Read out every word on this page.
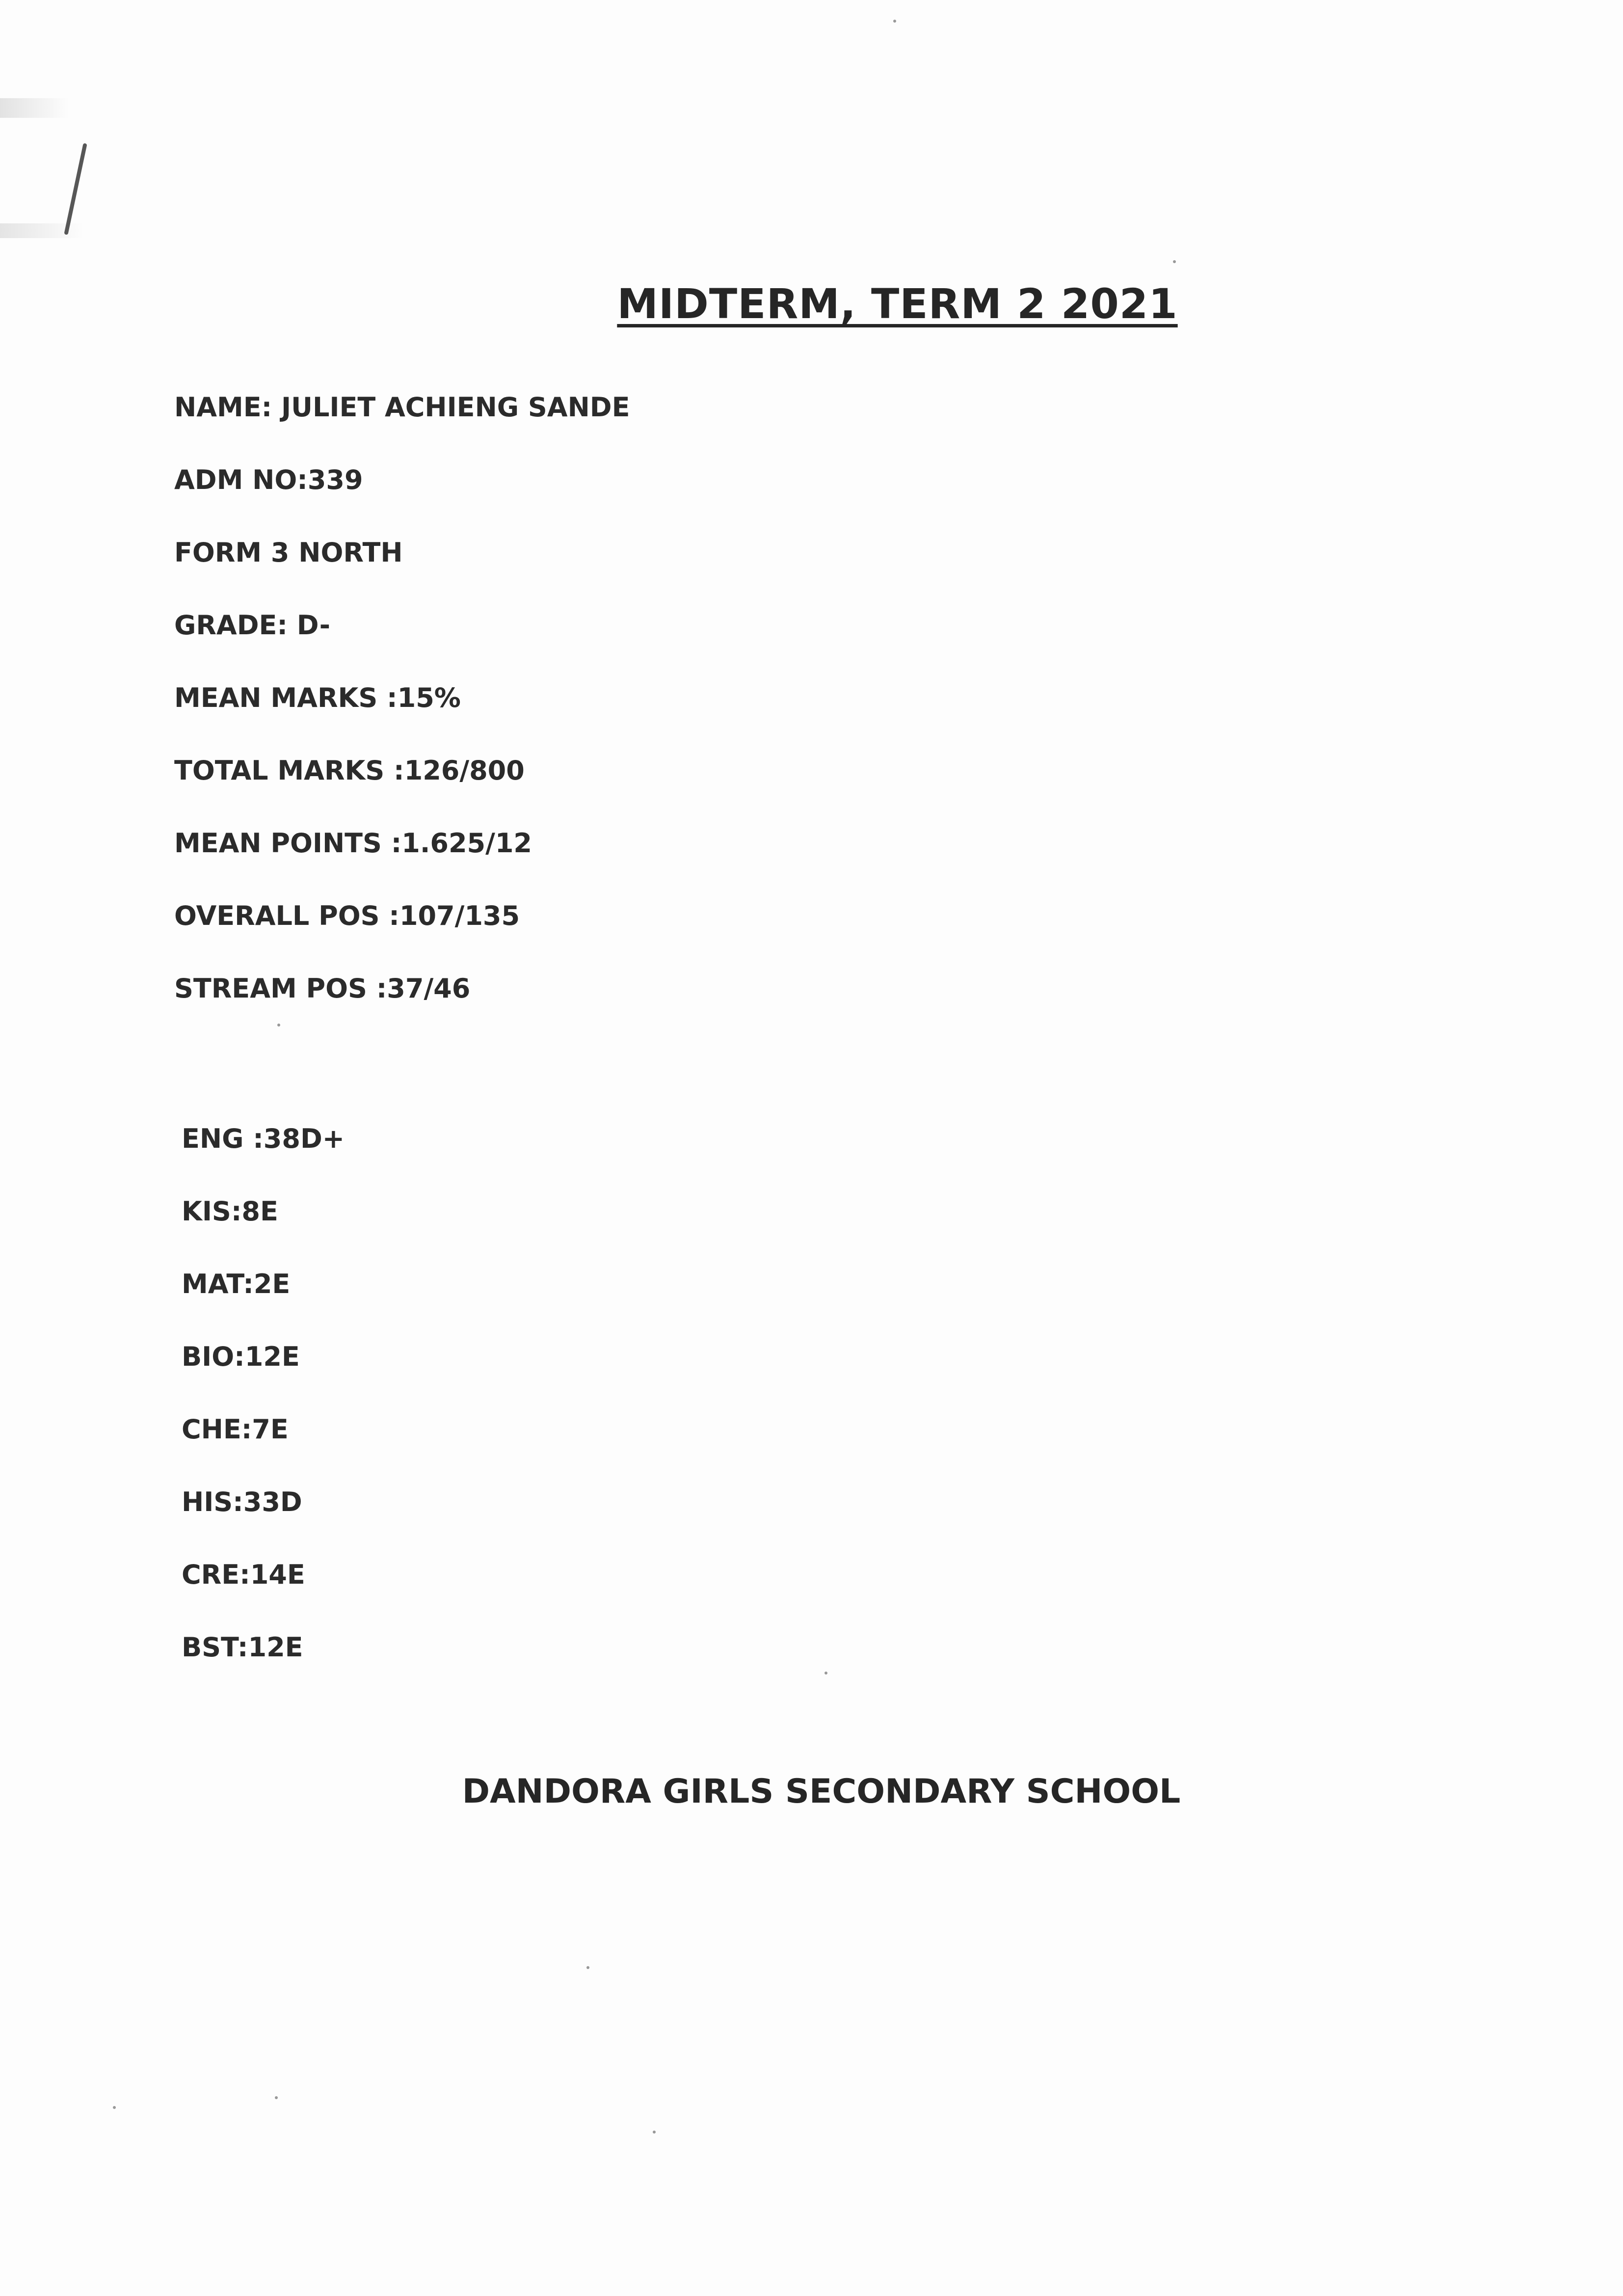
MIDTERM, TERM 2 2021
NAME: JULIET ACHIENG SANDE
ADM NO:339
FORM 3 NORTH
GRADE: D-
MEAN MARKS :15%
TOTAL MARKS :126/800
MEAN POINTS :1.625/12
OVERALL POS :107/135
STREAM POS :37/46
ENG :38D+
KIS:8E
MAT:2E
BIO:12E
CHE:7E
HIS:33D
CRE:14E
BST:12E
DANDORA GIRLS SECONDARY SCHOOL
